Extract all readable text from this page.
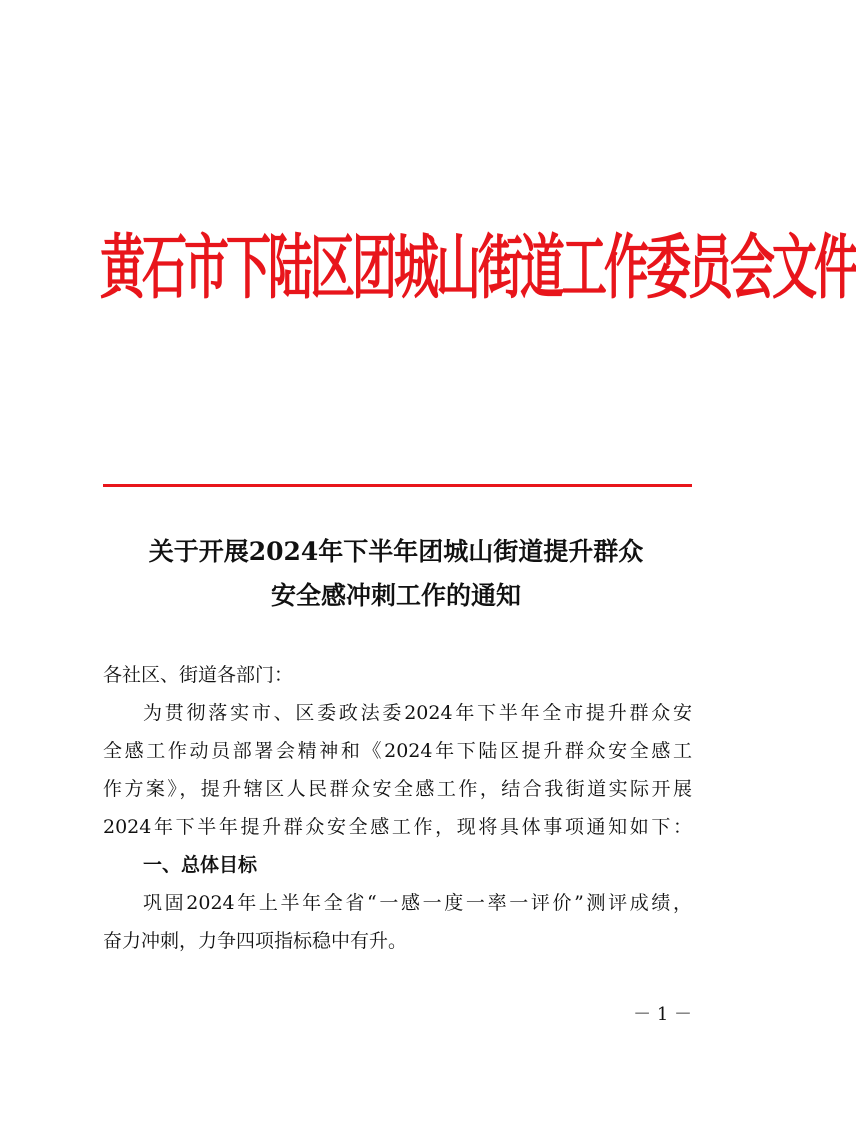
黄石市下陆区团城山街道工作委员会文件
关于开展2024年下半年团城山街道提升群众
安全感冲刺工作的通知
各社区、街道各部门：
为贯彻落实市、区委政法委2024年下半年全市提升群众安
全感工作动员部署会精神和《2024年下陆区提升群众安全感工
作方案》，提升辖区人民群众安全感工作，结合我街道实际开展
2024年下半年提升群众安全感工作，现将具体事项通知如下：
一、总体目标
巩固2024年上半年全省“一感一度一率一评价”测评成绩，
奋力冲刺，力争四项指标稳中有升。
－ 1 －
